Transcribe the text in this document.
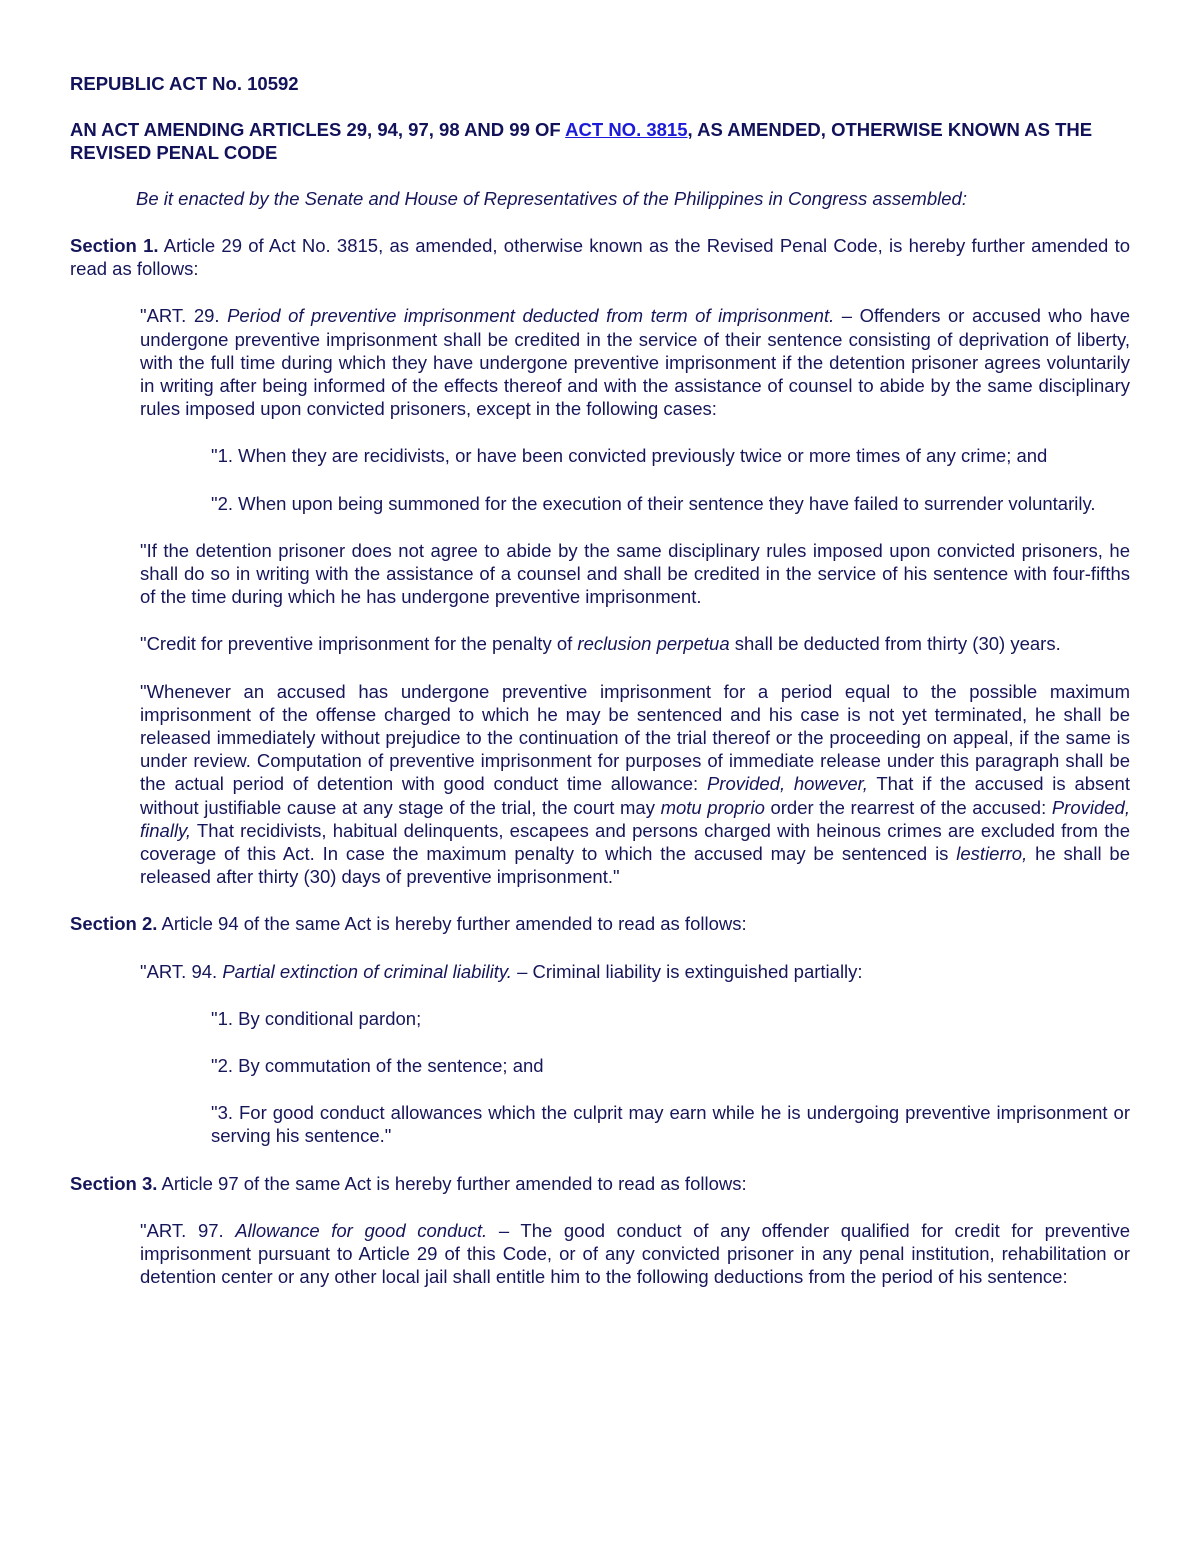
REPUBLIC ACT No. 10592
AN ACT AMENDING ARTICLES 29, 94, 97, 98 AND 99 OF ACT NO. 3815, AS AMENDED, OTHERWISE KNOWN AS THE REVISED PENAL CODE
Be it enacted by the Senate and House of Representatives of the Philippines in Congress assembled:

Section 1. Article 29 of Act No. 3815, as amended, otherwise known as the Revised Penal Code, is hereby further amended to read as follows:

"ART. 29. Period of preventive imprisonment deducted from term of imprisonment. – Offenders or accused who have undergone preventive imprisonment shall be credited in the service of their sentence consisting of deprivation of liberty, with the full time during which they have undergone preventive imprisonment if the detention prisoner agrees voluntarily in writing after being informed of the effects thereof and with the assistance of counsel to abide by the same disciplinary rules imposed upon convicted prisoners, except in the following cases:

"1. When they are recidivists, or have been convicted previously twice or more times of any crime; and

"2. When upon being summoned for the execution of their sentence they have failed to surrender voluntarily.

"If the detention prisoner does not agree to abide by the same disciplinary rules imposed upon convicted prisoners, he shall do so in writing with the assistance of a counsel and shall be credited in the service of his sentence with four-fifths of the time during which he has undergone preventive imprisonment.

"Credit for preventive imprisonment for the penalty of reclusion perpetua shall be deducted from thirty (30) years.

"Whenever an accused has undergone preventive imprisonment for a period equal to the possible maximum imprisonment of the offense charged to which he may be sentenced and his case is not yet terminated, he shall be released immediately without prejudice to the continuation of the trial thereof or the proceeding on appeal, if the same is under review. Computation of preventive imprisonment for purposes of immediate release under this paragraph shall be the actual period of detention with good conduct time allowance: Provided, however, That if the accused is absent without justifiable cause at any stage of the trial, the court may motu proprio order the rearrest of the accused: Provided, finally, That recidivists, habitual delinquents, escapees and persons charged with heinous crimes are excluded from the coverage of this Act. In case the maximum penalty to which the accused may be sentenced is lestierro, he shall be released after thirty (30) days of preventive imprisonment."

Section 2. Article 94 of the same Act is hereby further amended to read as follows:

"ART. 94. Partial extinction of criminal liability. – Criminal liability is extinguished partially:

"1. By conditional pardon;

"2. By commutation of the sentence; and

"3. For good conduct allowances which the culprit may earn while he is undergoing preventive imprisonment or serving his sentence."

Section 3. Article 97 of the same Act is hereby further amended to read as follows:

"ART. 97. Allowance for good conduct. – The good conduct of any offender qualified for credit for preventive imprisonment pursuant to Article 29 of this Code, or of any convicted prisoner in any penal institution, rehabilitation or detention center or any other local jail shall entitle him to the following deductions from the period of his sentence:
